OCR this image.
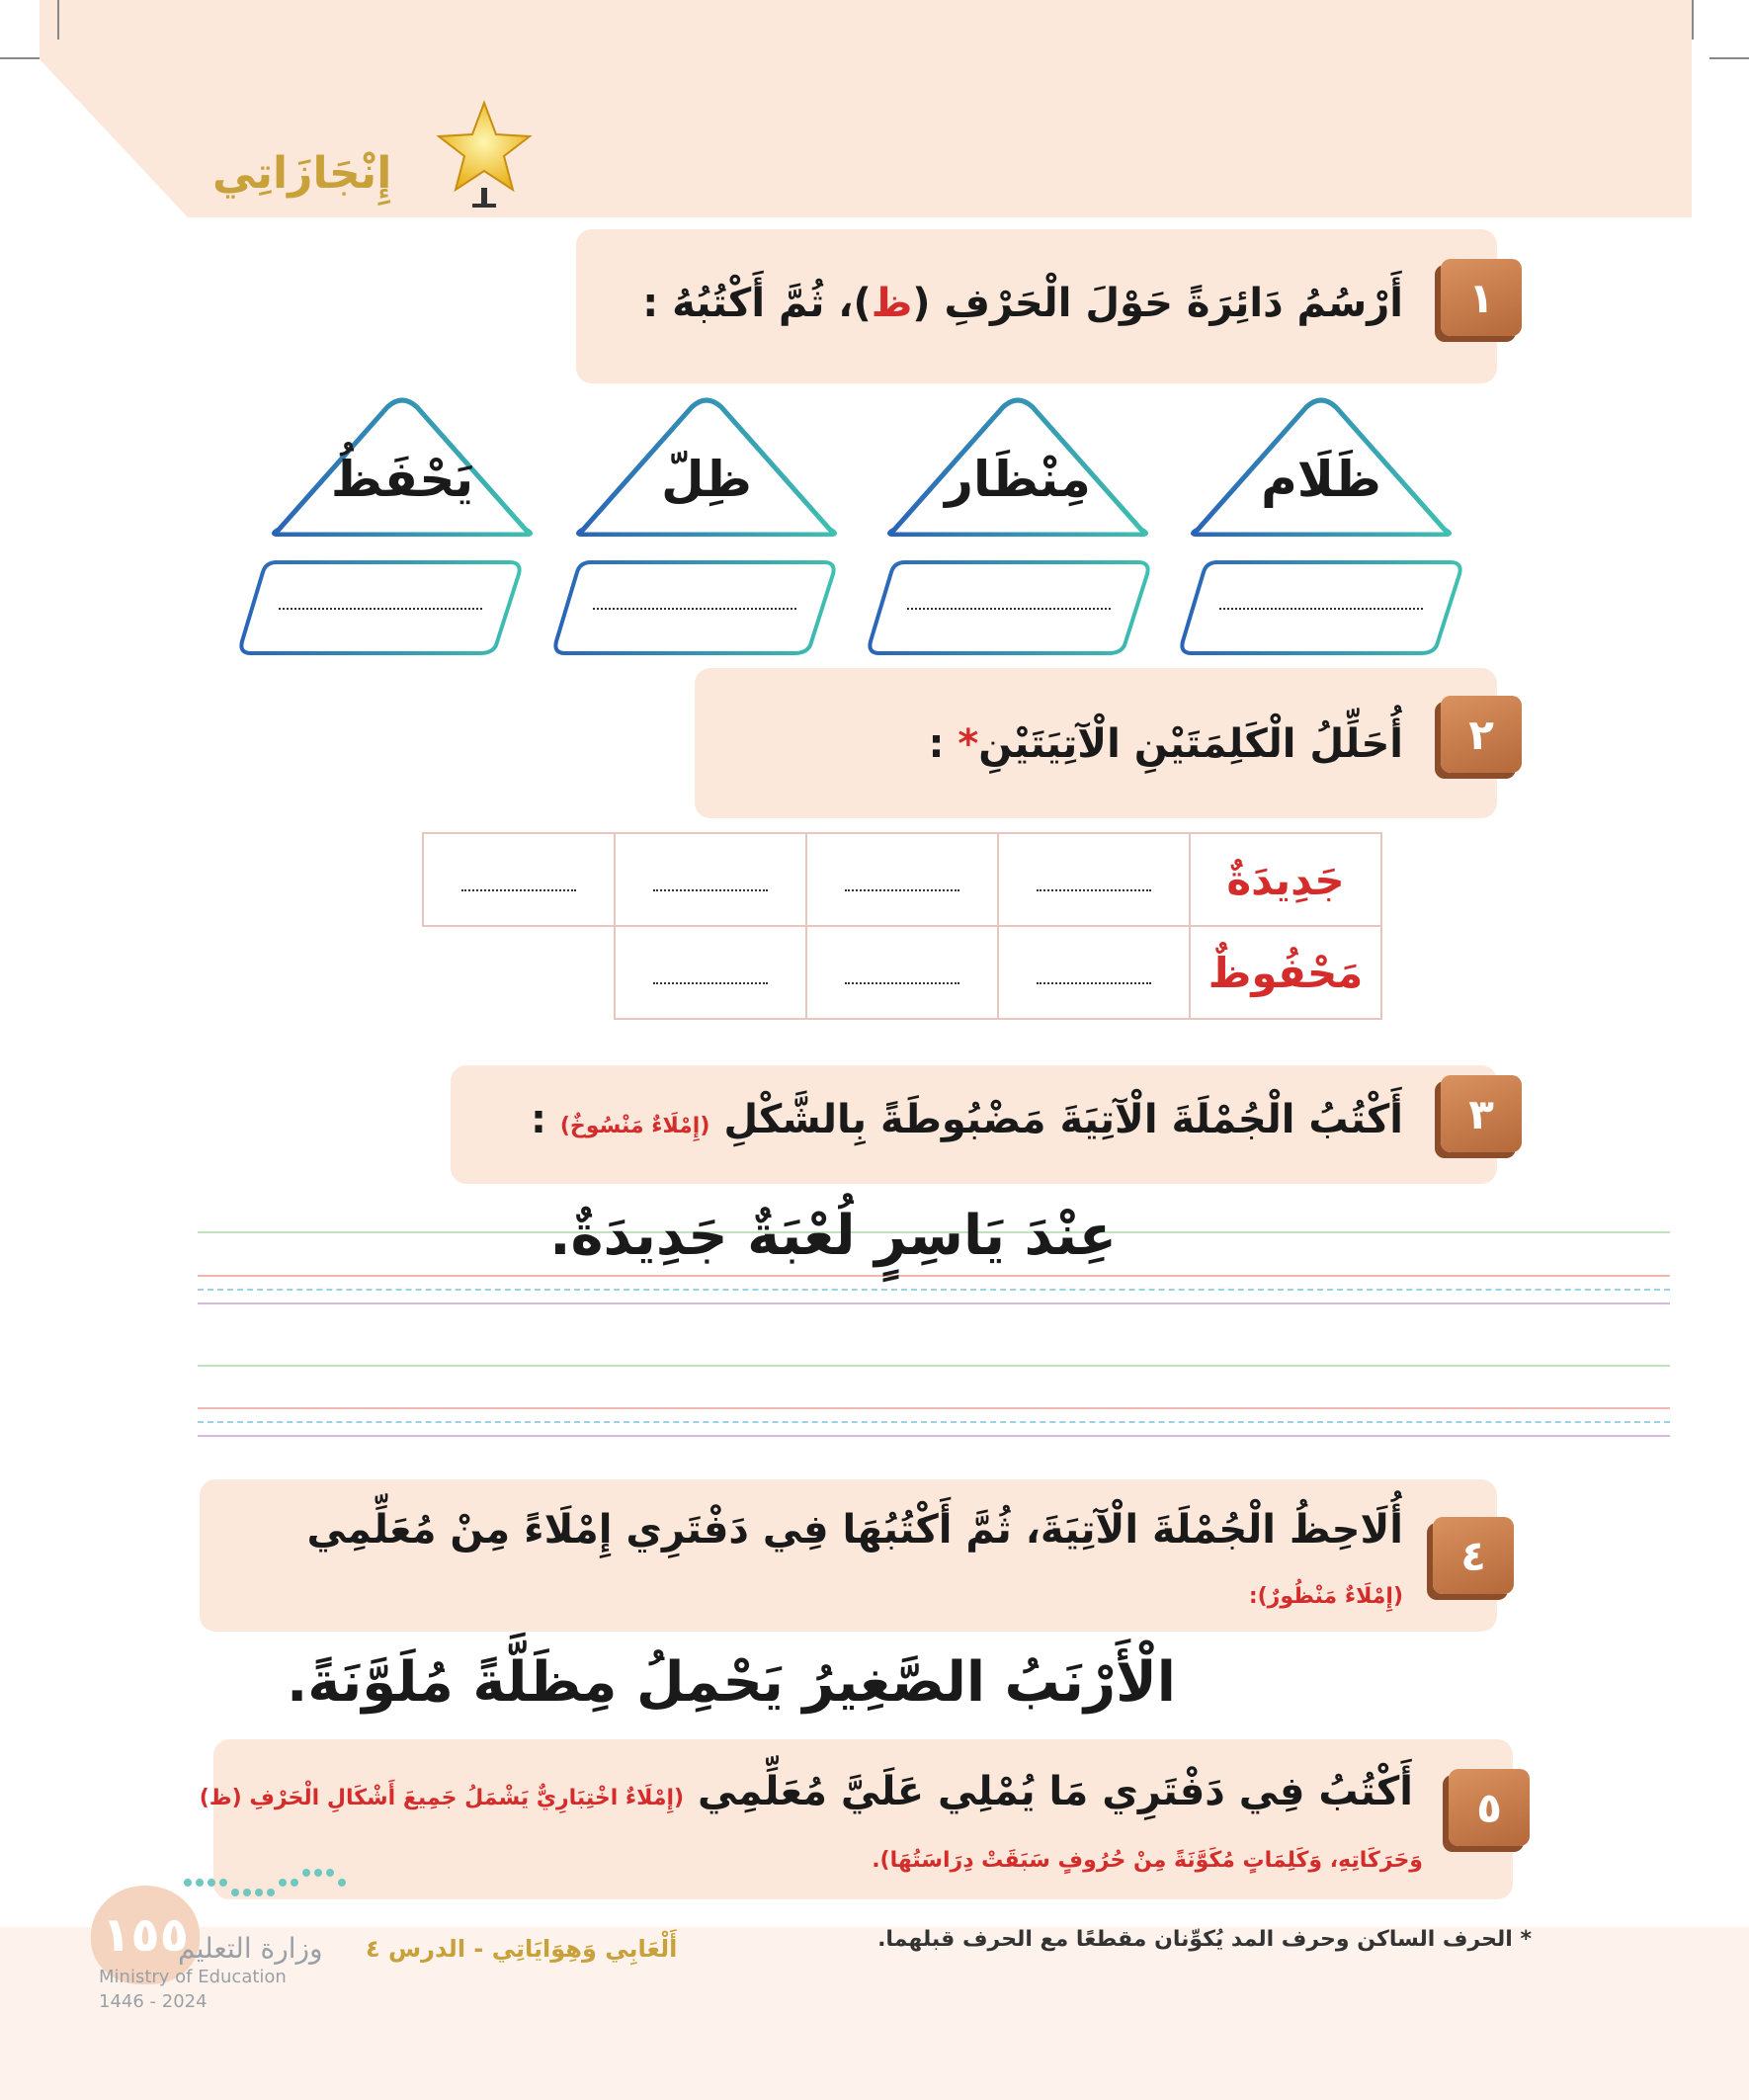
إِنْجَازَاتِي
١
أَرْسُمُ دَائِرَةً حَوْلَ الْحَرْفِ (ظ)، ثُمَّ أَكْتُبُهُ :
ظَلَام
مِنْظَار
ظِلّ
يَحْفَظُ
٢
أُحَلِّلُ الْكَلِمَتَيْنِ الْآتِيَتَيْنِ* :
جَدِيدَةٌ	

مَحْفُوظٌ	

٣
أَكْتُبُ الْجُمْلَةَ الْآتِيَةَ مَضْبُوطَةً بِالشَّكْلِ (إِمْلَاءٌ مَنْسُوخٌ) :
عِنْدَ يَاسِرٍ لُعْبَةٌ جَدِيدَةٌ.
٤
أُلَاحِظُ الْجُمْلَةَ الْآتِيَةَ، ثُمَّ أَكْتُبُهَا فِي دَفْتَرِي إِمْلَاءً مِنْ مُعَلِّمِي
(إِمْلَاءٌ مَنْظُورٌ):
الْأَرْنَبُ الصَّغِيرُ يَحْمِلُ مِظَلَّةً مُلَوَّنَةً.
٥
أَكْتُبُ فِي دَفْتَرِي مَا يُمْلِي عَلَيَّ مُعَلِّمِي (إِمْلَاءٌ اخْتِبَارِيٌّ يَشْمَلُ جَمِيعَ أَشْكَالِ الْحَرْفِ (ظ)
وَحَرَكَاتِهِ، وَكَلِمَاتٍ مُكَوَّنَةً مِنْ حُرُوفٍ سَبَقَتْ دِرَاسَتُهَا).
١٥٥
وزارة التعليم
Ministry of Education
2024 - 1446
أَلْعَابِي وَهِوَايَاتِي - الدرس ٤	* الحرف الساكن وحرف المد يُكوِّنان مقطعًا مع الحرف قبلهما.
